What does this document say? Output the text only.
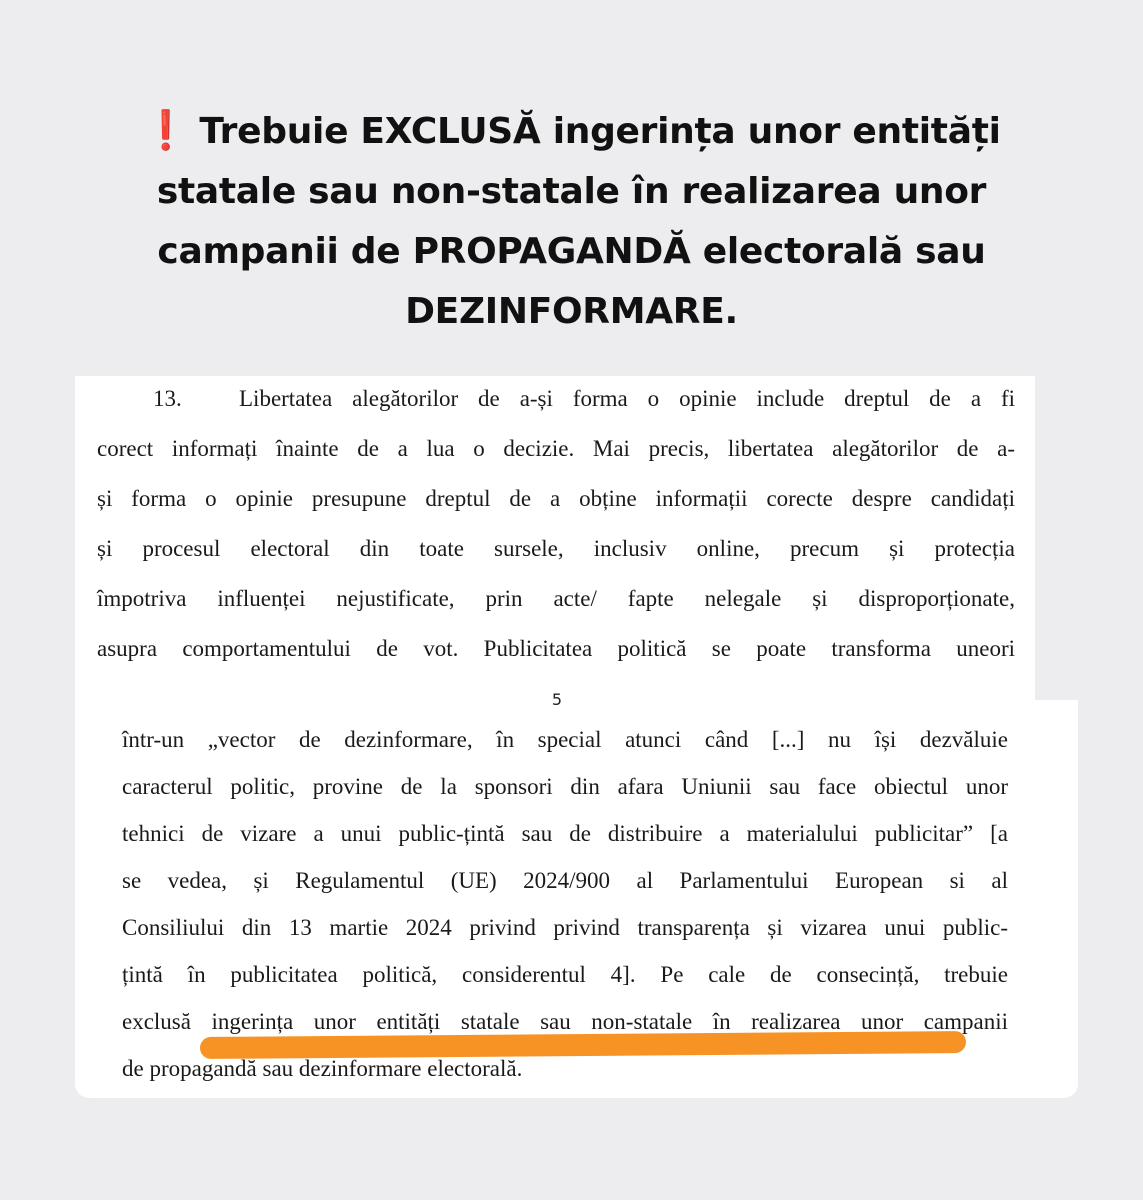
❗ Trebuie EXCLUSĂ ingerința unor entități
statale sau non-statale în realizarea unor
campanii de PROPAGANDĂ electorală sau
DEZINFORMARE.
13. Libertatea alegătorilor de a-și forma o opinie include dreptul de a fi
corect informați înainte de a lua o decizie. Mai precis, libertatea alegătorilor de a-
și forma o opinie presupune dreptul de a obține informații corecte despre candidați
și procesul electoral din toate sursele, inclusiv online, precum și protecția
împotriva influenței nejustificate, prin acte/ fapte nelegale și disproporționate,
asupra comportamentului de vot. Publicitatea politică se poate transforma uneori
5
într-un „vector de dezinformare, în special atunci când [...] nu își dezvăluie
caracterul politic, provine de la sponsori din afara Uniunii sau face obiectul unor
tehnici de vizare a unui public-țintă sau de distribuire a materialului publicitar” [a
se vedea, și Regulamentul (UE) 2024/900 al Parlamentului European si al
Consiliului din 13 martie 2024 privind privind transparența și vizarea unui public-
țintă în publicitatea politică, considerentul 4]. Pe cale de consecință, trebuie
exclusă ingerința unor entități statale sau non-statale în realizarea unor campanii
de propagandă sau dezinformare electorală.
